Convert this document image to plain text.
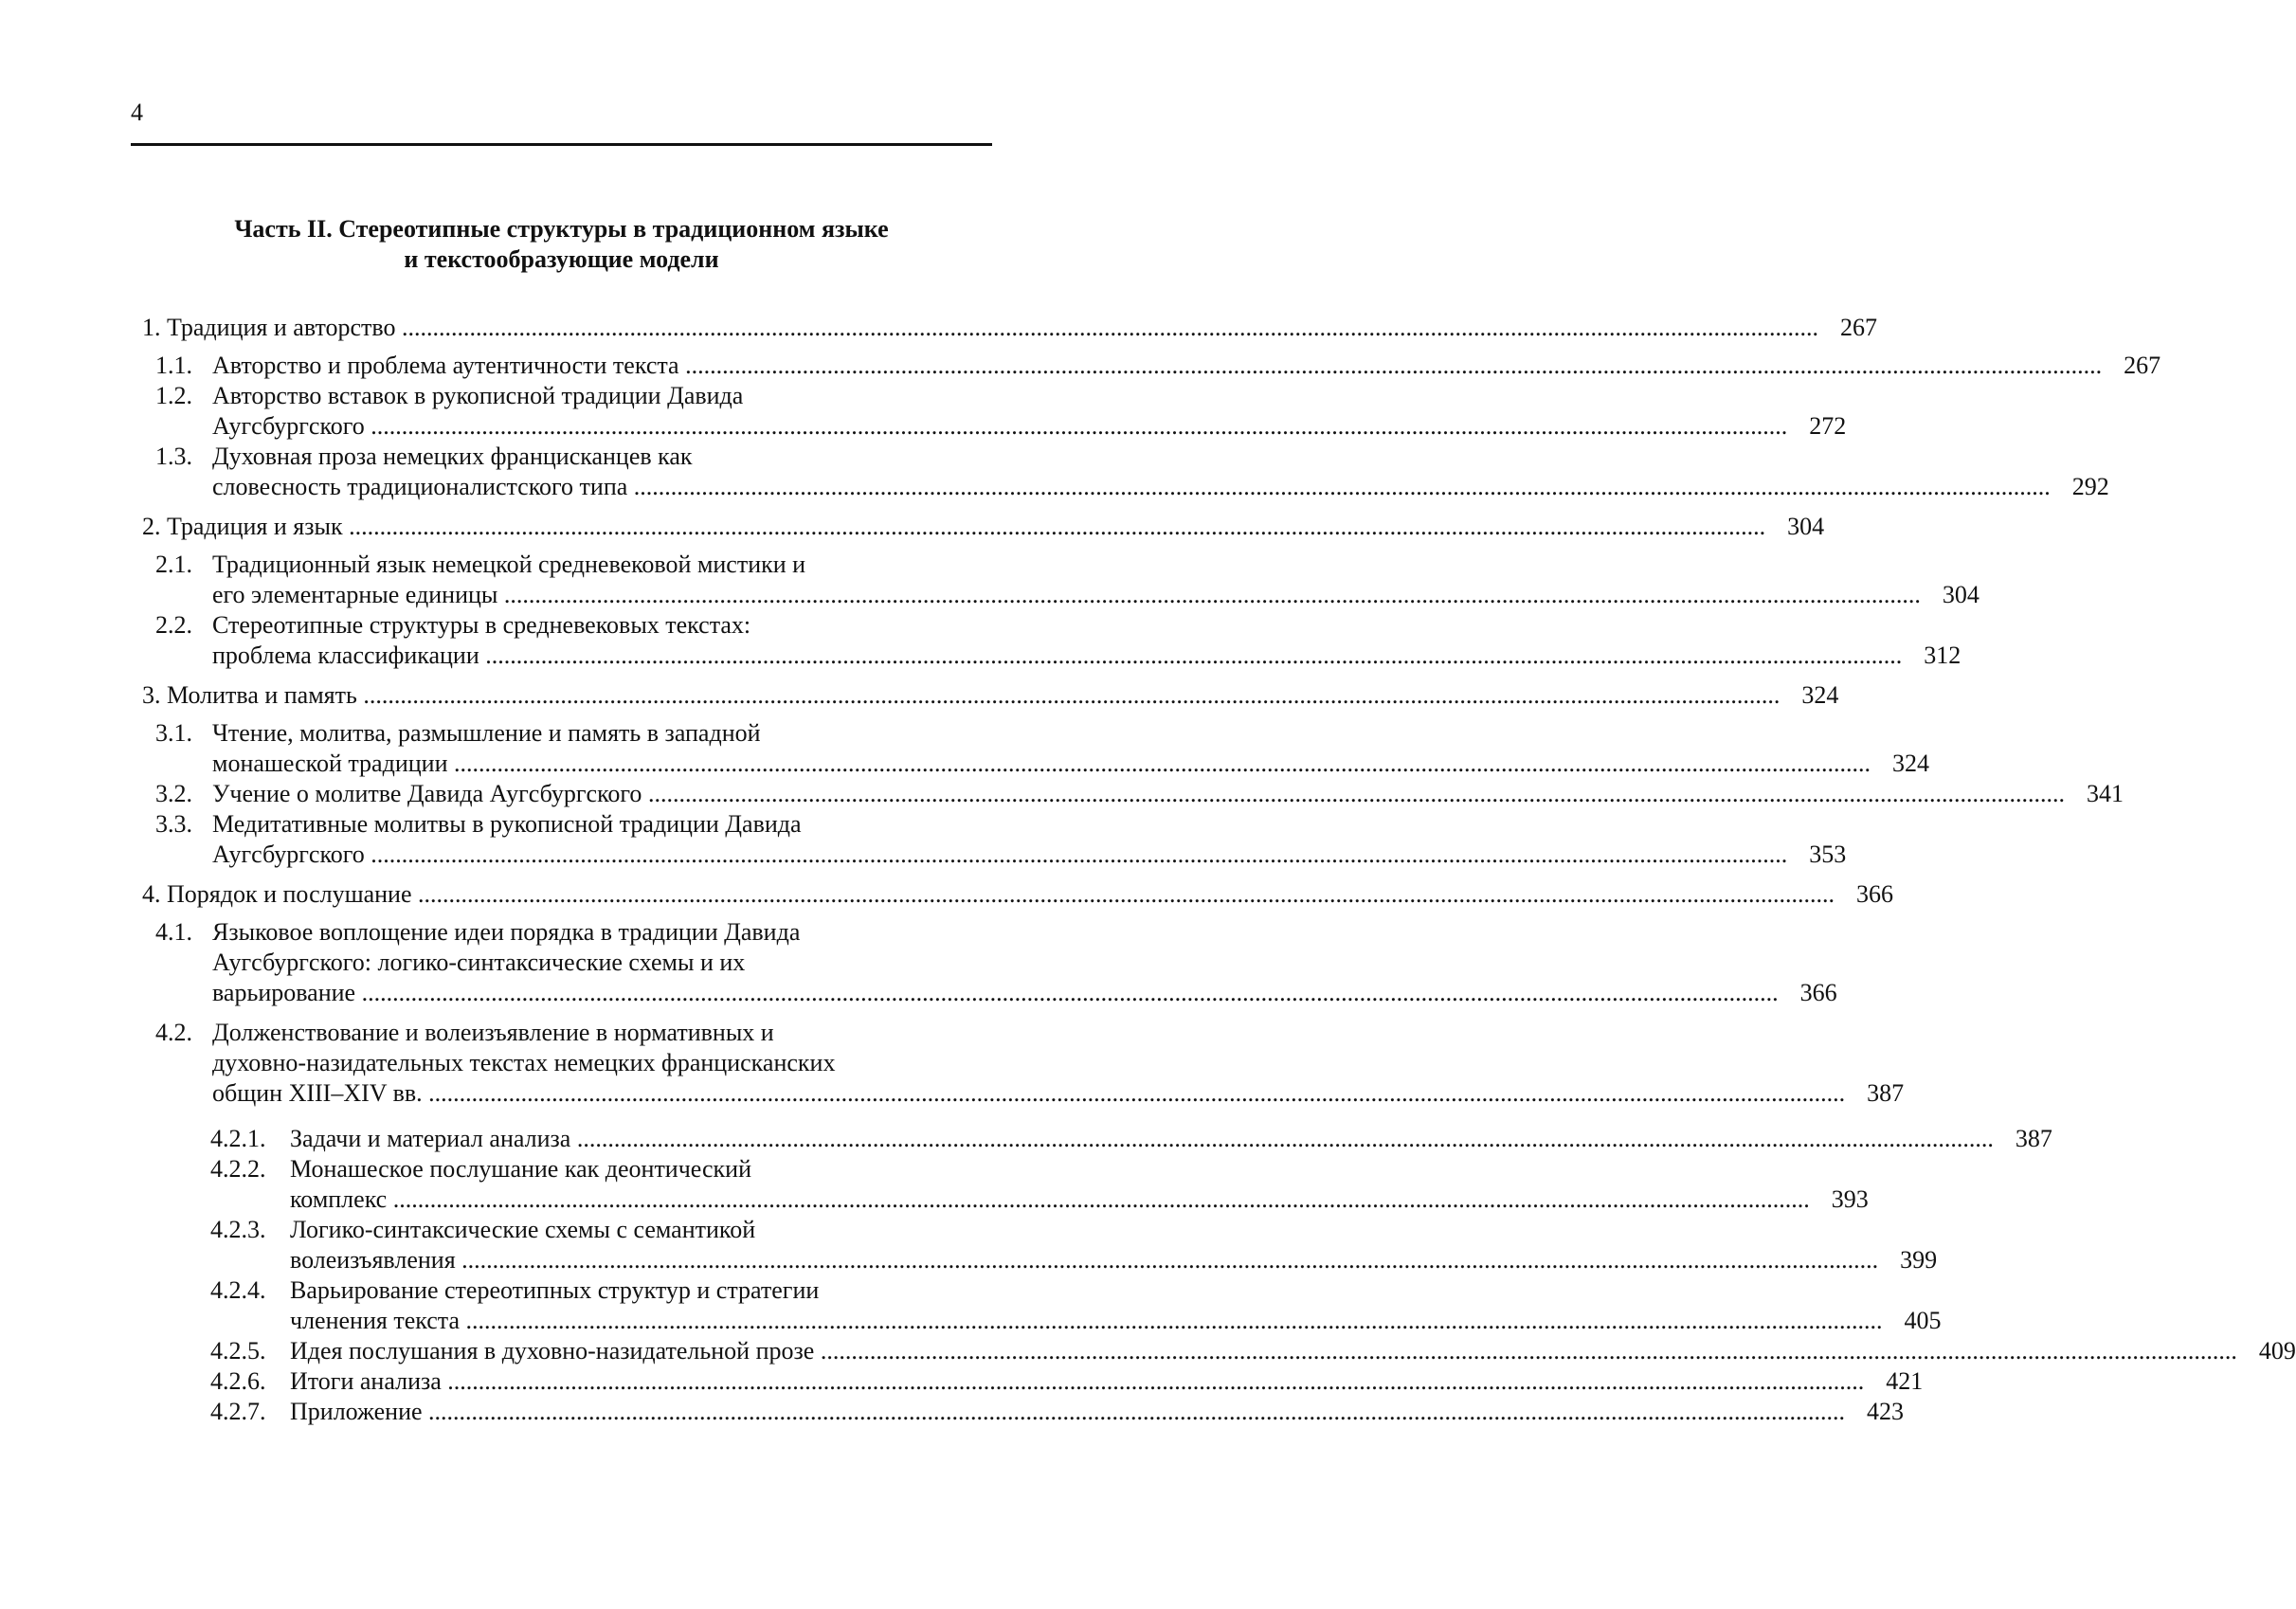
4
Часть II. Стереотипные структуры в традиционном языке
и текстообразующие модели
1.
Традиция и авторство .....	267
1.1. Авторство и проблема аутентичности текста .....	267
1.2. Авторство вставок в рукописной традиции Давида
Аугсбургского .....	272
1.3. Духовная проза немецких францисканцев как
словесность традиционалистского типа .....	292
2.
Традиция и язык .....	304
2.1. Традиционный язык немецкой средневековой мистики и
его элементарные единицы .....	304
2.2. Стереотипные структуры в средневековых текстах:
проблема классификации .....	312
3.
Молитва и память .....	324
3.1. Чтение, молитва, размышление и память в западной
монашеской традиции .....	324
3.2. Учение о молитве Давида Аугсбургского .....	341
3.3. Медитативные молитвы в рукописной традиции Давида
Аугсбургского .....	353
4.
Порядок и послушание .....	366
4.1. Языковое воплощение идеи порядка в традиции Давида
Аугсбургского: логико-синтаксические схемы и их
варьирование .....	366
4.2. Долженствование и волеизъявление в нормативных и
духовно-назидательных текстах немецких францисканских
общин XIII–XIV вв. .....	387
4.2.1. Задачи и материал анализа .....	387
4.2.2. Монашеское послушание как деонтический
комплекс .....	393
4.2.3. Логико-синтаксические схемы с семантикой
волеизъявления .....	399
4.2.4. Варьирование стереотипных структур и стратегии
членения текста .....	405
4.2.5. Идея послушания в духовно-назидательной прозе .....	409
4.2.6. Итоги анализа .....	421
4.2.7. Приложение .....	423
